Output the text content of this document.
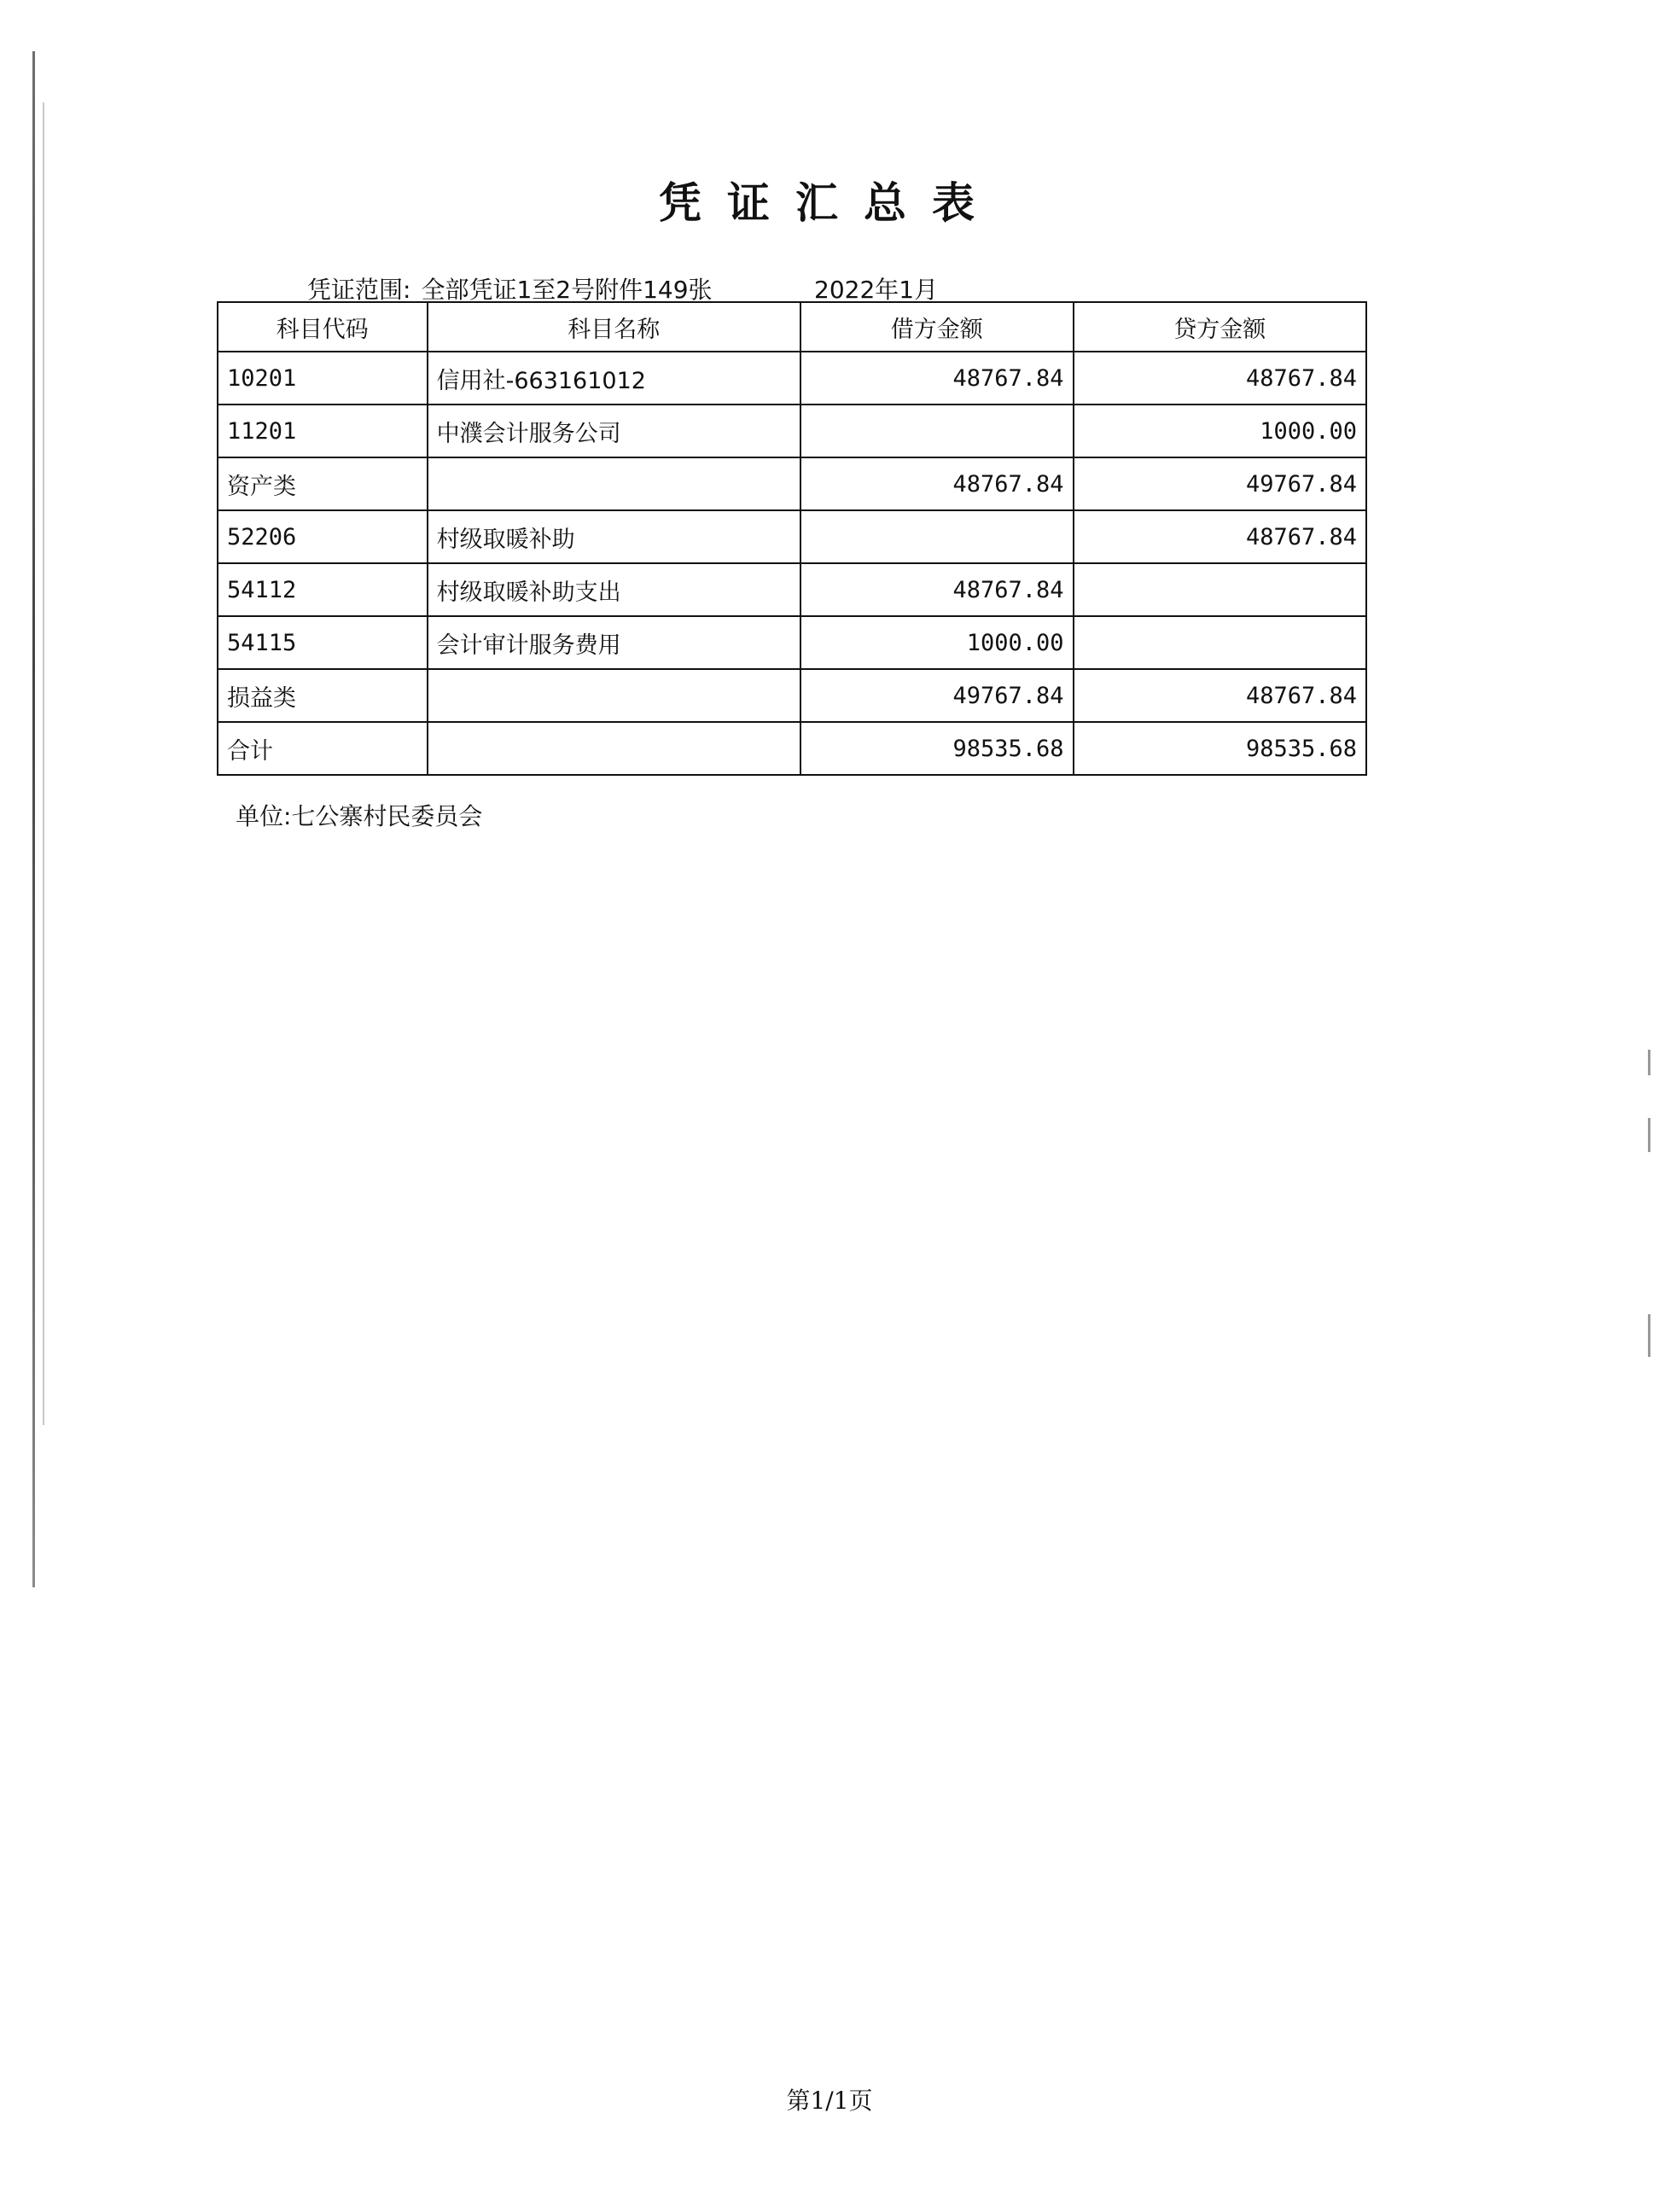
凭证汇总表
凭证范围: 全部凭证1至2号附件149张	2022年1月
科目代码	科目名称	借方金额	贷方金额
10201	信用社-663161012	48767.84	48767.84
11201	中濮会计服务公司		1000.00
资产类		48767.84	49767.84
52206	村级取暖补助		48767.84
54112	村级取暖补助支出	48767.84	
54115	会计审计服务费用	1000.00	
损益类		49767.84	48767.84
合计		98535.68	98535.68
单位:七公寨村民委员会
第1/1页
